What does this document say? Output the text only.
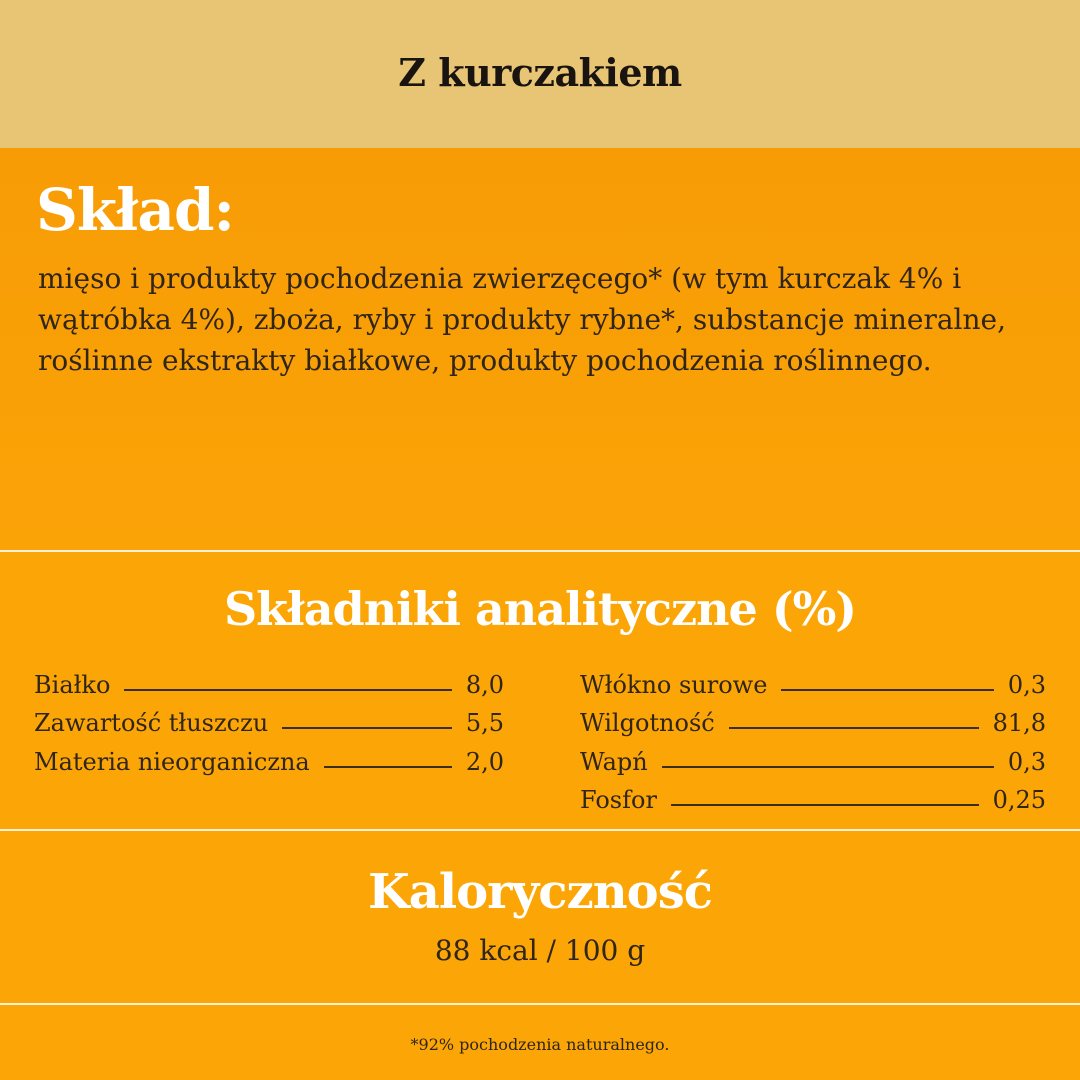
Z kurczakiem
Skład:

mięso i produkty pochodzenia zwierzęcego* (w tym kurczak 4% i wątróbka 4%), zboża, ryby i produkty rybne*, substancje mineralne, roślinne ekstrakty białkowe, produkty pochodzenia roślinnego.

Składniki analityczne (%)
Białko	8,0
Zawartość tłuszczu	5,5
Materia nieorganiczna	2,0
Włókno surowe	0,3
Wilgotność	81,8
Wapń	0,3
Fosfor	0,25
Kaloryczność
88 kcal / 100 g
*92% pochodzenia naturalnego.
